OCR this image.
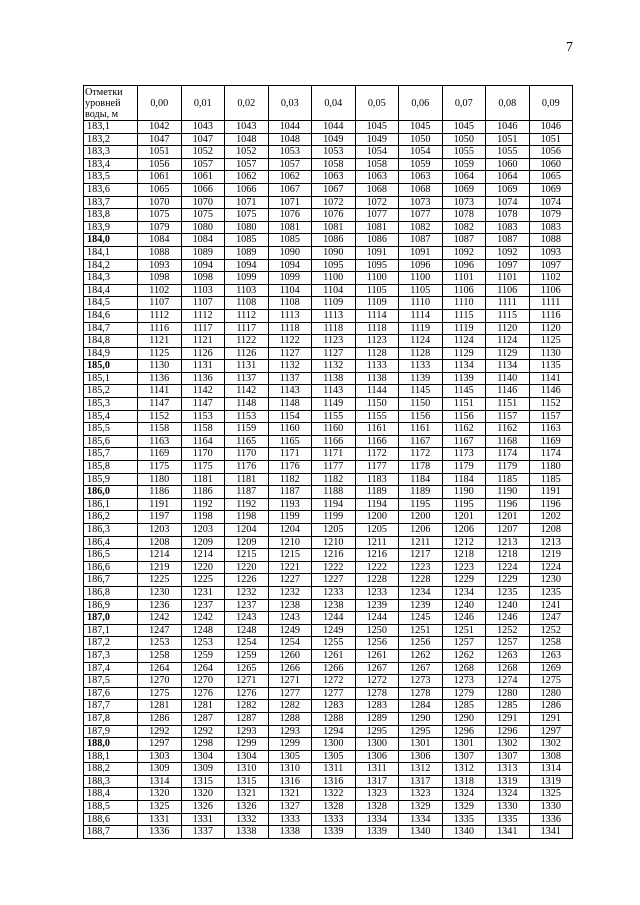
7
Отметки уровней воды, м	0,00	0,01	0,02	0,03	0,04	0,05	0,06	0,07	0,08	0,09
183,1	1042	1043	1043	1044	1044	1045	1045	1045	1046	1046
183,2	1047	1047	1048	1048	1049	1049	1050	1050	1051	1051
183,3	1051	1052	1052	1053	1053	1054	1054	1055	1055	1056
183,4	1056	1057	1057	1057	1058	1058	1059	1059	1060	1060
183,5	1061	1061	1062	1062	1063	1063	1063	1064	1064	1065
183,6	1065	1066	1066	1067	1067	1068	1068	1069	1069	1069
183,7	1070	1070	1071	1071	1072	1072	1073	1073	1074	1074
183,8	1075	1075	1075	1076	1076	1077	1077	1078	1078	1079
183,9	1079	1080	1080	1081	1081	1081	1082	1082	1083	1083
184,0	1084	1084	1085	1085	1086	1086	1087	1087	1087	1088
184,1	1088	1089	1089	1090	1090	1091	1091	1092	1092	1093
184,2	1093	1094	1094	1094	1095	1095	1096	1096	1097	1097
184,3	1098	1098	1099	1099	1100	1100	1100	1101	1101	1102
184,4	1102	1103	1103	1104	1104	1105	1105	1106	1106	1106
184,5	1107	1107	1108	1108	1109	1109	1110	1110	1111	1111
184,6	1112	1112	1112	1113	1113	1114	1114	1115	1115	1116
184,7	1116	1117	1117	1118	1118	1118	1119	1119	1120	1120
184,8	1121	1121	1122	1122	1123	1123	1124	1124	1124	1125
184,9	1125	1126	1126	1127	1127	1128	1128	1129	1129	1130
185,0	1130	1131	1131	1132	1132	1133	1133	1134	1134	1135
185,1	1136	1136	1137	1137	1138	1138	1139	1139	1140	1141
185,2	1141	1142	1142	1143	1143	1144	1145	1145	1146	1146
185,3	1147	1147	1148	1148	1149	1150	1150	1151	1151	1152
185,4	1152	1153	1153	1154	1155	1155	1156	1156	1157	1157
185,5	1158	1158	1159	1160	1160	1161	1161	1162	1162	1163
185,6	1163	1164	1165	1165	1166	1166	1167	1167	1168	1169
185,7	1169	1170	1170	1171	1171	1172	1172	1173	1174	1174
185,8	1175	1175	1176	1176	1177	1177	1178	1179	1179	1180
185,9	1180	1181	1181	1182	1182	1183	1184	1184	1185	1185
186,0	1186	1186	1187	1187	1188	1189	1189	1190	1190	1191
186,1	1191	1192	1192	1193	1194	1194	1195	1195	1196	1196
186,2	1197	1198	1198	1199	1199	1200	1200	1201	1201	1202
186,3	1203	1203	1204	1204	1205	1205	1206	1206	1207	1208
186,4	1208	1209	1209	1210	1210	1211	1211	1212	1213	1213
186,5	1214	1214	1215	1215	1216	1216	1217	1218	1218	1219
186,6	1219	1220	1220	1221	1222	1222	1223	1223	1224	1224
186,7	1225	1225	1226	1227	1227	1228	1228	1229	1229	1230
186,8	1230	1231	1232	1232	1233	1233	1234	1234	1235	1235
186,9	1236	1237	1237	1238	1238	1239	1239	1240	1240	1241
187,0	1242	1242	1243	1243	1244	1244	1245	1246	1246	1247
187,1	1247	1248	1248	1249	1249	1250	1251	1251	1252	1252
187,2	1253	1253	1254	1254	1255	1256	1256	1257	1257	1258
187,3	1258	1259	1259	1260	1261	1261	1262	1262	1263	1263
187,4	1264	1264	1265	1266	1266	1267	1267	1268	1268	1269
187,5	1270	1270	1271	1271	1272	1272	1273	1273	1274	1275
187,6	1275	1276	1276	1277	1277	1278	1278	1279	1280	1280
187,7	1281	1281	1282	1282	1283	1283	1284	1285	1285	1286
187,8	1286	1287	1287	1288	1288	1289	1290	1290	1291	1291
187,9	1292	1292	1293	1293	1294	1295	1295	1296	1296	1297
188,0	1297	1298	1299	1299	1300	1300	1301	1301	1302	1302
188,1	1303	1304	1304	1305	1305	1306	1306	1307	1307	1308
188,2	1309	1309	1310	1310	1311	1311	1312	1312	1313	1314
188,3	1314	1315	1315	1316	1316	1317	1317	1318	1319	1319
188,4	1320	1320	1321	1321	1322	1323	1323	1324	1324	1325
188,5	1325	1326	1326	1327	1328	1328	1329	1329	1330	1330
188,6	1331	1331	1332	1333	1333	1334	1334	1335	1335	1336
188,7	1336	1337	1338	1338	1339	1339	1340	1340	1341	1341
